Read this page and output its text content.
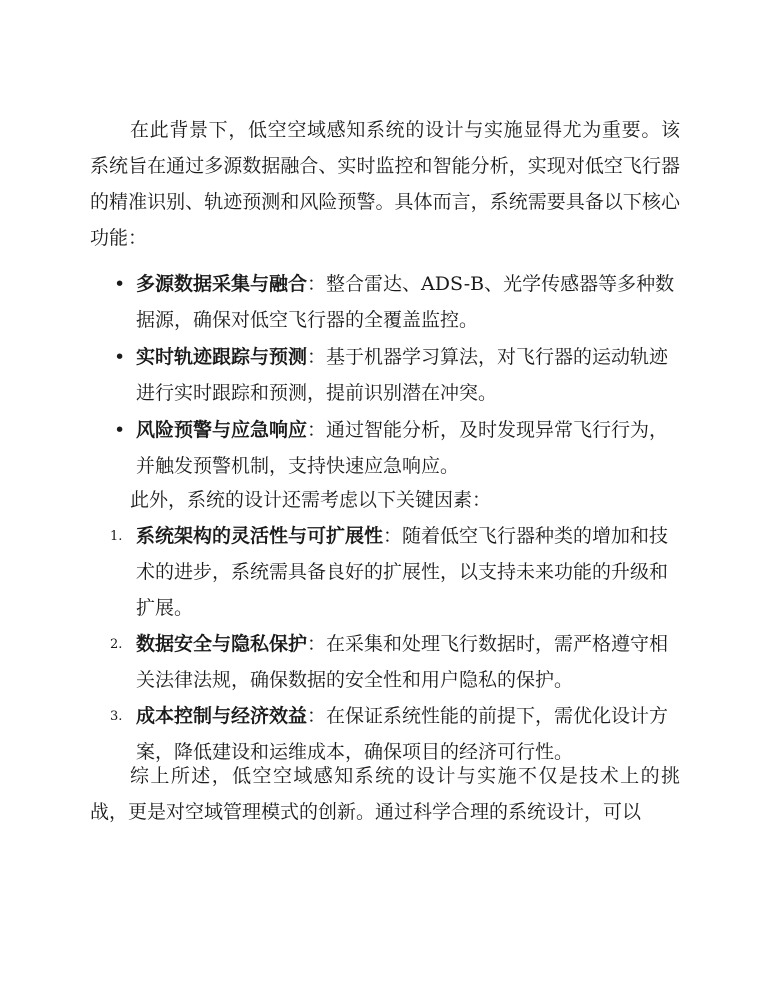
在此背景下，低空空域感知系统的设计与实施显得尤为重要。该系统旨在通过多源数据融合、实时监控和智能分析，实现对低空飞行器的精准识别、轨迹预测和风险预警。具体而言，系统需要具备以下核心功能：

• 多源数据采集与融合：整合雷达、ADS-B、光学传感器等多种数据源，确保对低空飞行器的全覆盖监控。
• 实时轨迹跟踪与预测：基于机器学习算法，对飞行器的运动轨迹进行实时跟踪和预测，提前识别潜在冲突。
• 风险预警与应急响应：通过智能分析，及时发现异常飞行行为，并触发预警机制，支持快速应急响应。

此外，系统的设计还需考虑以下关键因素：

1. 系统架构的灵活性与可扩展性：随着低空飞行器种类的增加和技术的进步，系统需具备良好的扩展性，以支持未来功能的升级和扩展。
2. 数据安全与隐私保护：在采集和处理飞行数据时，需严格遵守相关法律法规，确保数据的安全性和用户隐私的保护。
3. 成本控制与经济效益：在保证系统性能的前提下，需优化设计方案，降低建设和运维成本，确保项目的经济可行性。

综上所述，低空空域感知系统的设计与实施不仅是技术上的挑战，更是对空域管理模式的创新。通过科学合理的系统设计，可以
